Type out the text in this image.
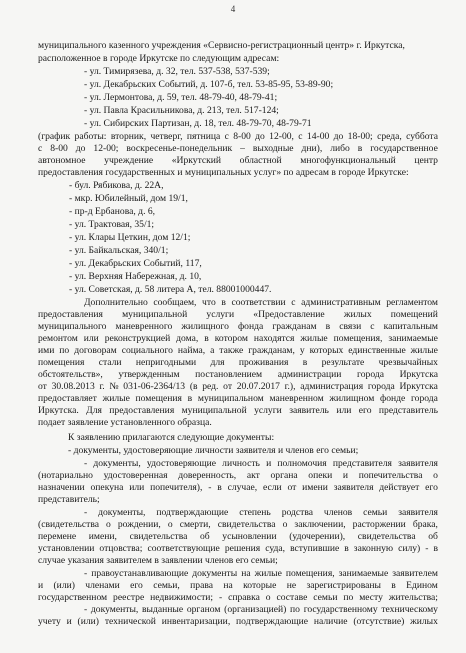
4
муниципального казенного учреждения «Сервисно-регистрационный центр» г. Иркутска,
расположенное в городе Иркутске по следующим адресам:
- ул. Тимирязева, д. 32, тел. 537-538, 537-539;
- ул. Декабрьских Событий, д. 107-б, тел. 53-85-95, 53-89-90;
- ул. Лермонтова, д. 59, тел. 48-79-40, 48-79-41;
- ул. Павла Красильникова, д. 213, тел. 517-124;
- ул. Сибирских Партизан, д. 18, тел. 48-79-70, 48-79-71
(график работы: вторник, четверг, пятница с 8-00 до 12-00, с 14-00 до 18-00; среда, суббота
с 8-00 до 12-00; воскресенье-понедельник – выходные дни), либо в государственное
автономное учреждение «Иркутский областной многофункциональный центр
предоставления государственных и муниципальных услуг» по адресам в городе Иркутске:
- бул. Рябикова, д. 22А,
- мкр. Юбилейный, дом 19/1,
- пр-д Ербанова, д. 6,
- ул. Трактовая, 35/1;
- ул. Клары Цеткин, дом 12/1;
- ул. Байкальская, 340/1;
- ул. Декабрьских Событий, 117,
- ул. Верхняя Набережная, д. 10,
- ул. Советская, д. 58 литера А, тел. 88001000447.
Дополнительно сообщаем, что в соответствии с административным регламентом
предоставления муниципальной услуги «Предоставление жилых помещений
муниципального маневренного жилищного фонда гражданам в связи с капитальным
ремонтом или реконструкцией дома, в котором находятся жилые помещения, занимаемые
ими по договорам социального найма, а также гражданам, у которых единственные жилые
помещения стали непригодными для проживания в результате чрезвычайных
обстоятельств», утвержденным постановлением администрации города Иркутска
от 30.08.2013 г. № 031-06-2364/13 (в ред. от 20.07.2017 г.), администрация города Иркутска
предоставляет жилые помещения в муниципальном маневренном жилищном фонде города
Иркутска. Для предоставления муниципальной услуги заявитель или его представитель
подает заявление установленного образца.
К заявлению прилагаются следующие документы:
- документы, удостоверяющие личности заявителя и членов его семьи;
- документы, удостоверяющие личность и полномочия представителя заявителя
(нотариально удостоверенная доверенность, акт органа опеки и попечительства о
назначении опекуна или попечителя), - в случае, если от имени заявителя действует его
представитель;
- документы, подтверждающие степень родства членов семьи заявителя
(свидетельства о рождении, о смерти, свидетельства о заключении, расторжении брака,
перемене имени, свидетельства об усыновлении (удочерении), свидетельства об
установлении отцовства; соответствующие решения суда, вступившие в законную силу) - в
случае указания заявителем в заявлении членов его семьи;
- правоустанавливающие документы на жилые помещения, занимаемые заявителем
и (или) членами его семьи, права на которые не зарегистрированы в Едином
государственном реестре недвижимости; - справка о составе семьи по месту жительства;
- документы, выданные органом (организацией) по государственному техническому
учету и (или) технической инвентаризации, подтверждающие наличие (отсутствие) жилых
